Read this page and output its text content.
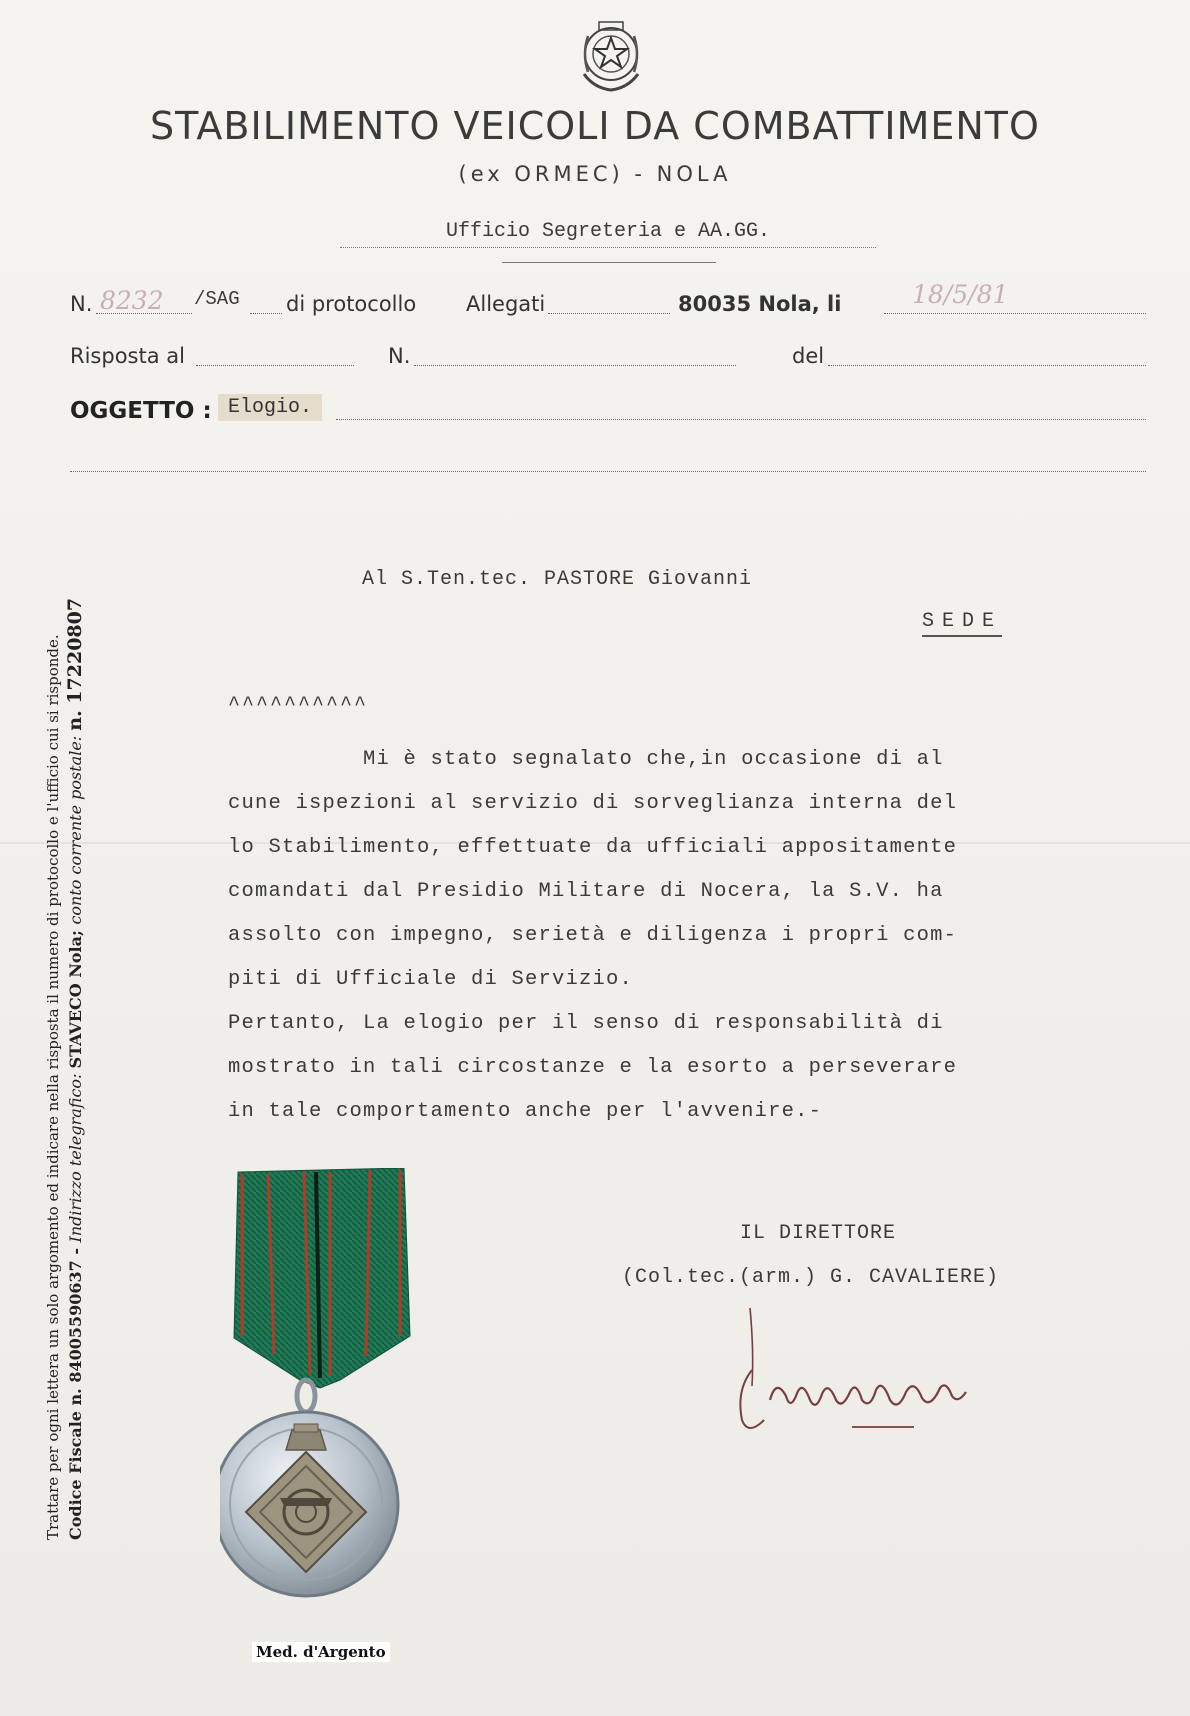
STABILIMENTO VEICOLI DA COMBATTIMENTO
(ex ORMEC) - NOLA
Ufficio Segreteria e AA.GG.
N. 8232 /SAG di protocollo Allegati	80035 Nola, li	18/5/81
Risposta al	N.	del
OGGETTO : Elogio.
Al S.Ten.tec. PASTORE Giovanni
SEDE
^^^^^^^^^^
Mi è stato segnalato che,in occasione di al
cune ispezioni al servizio di sorveglianza interna del
lo Stabilimento, effettuate da ufficiali appositamente
comandati dal Presidio Militare di Nocera, la S.V. ha
assolto con impegno, serietà e diligenza i propri com-
piti di Ufficiale di Servizio.
Pertanto, La elogio per il senso di responsabilità di
mostrato in tali circostanze e la esorto a perseverare
in tale comportamento anche per l'avvenire.-
IL DIRETTORE
(Col.tec.(arm.) G. CAVALIERE)
Trattare per ogni lettera un solo argomento ed indicare nella risposta il numero di protocollo e l'ufficio cui si risponde. Codice Fiscale n. 84005590637 - Indirizzo telegrafico: STAVECO Nola; conto corrente postale: n. 17220807
Med. d'Argento
